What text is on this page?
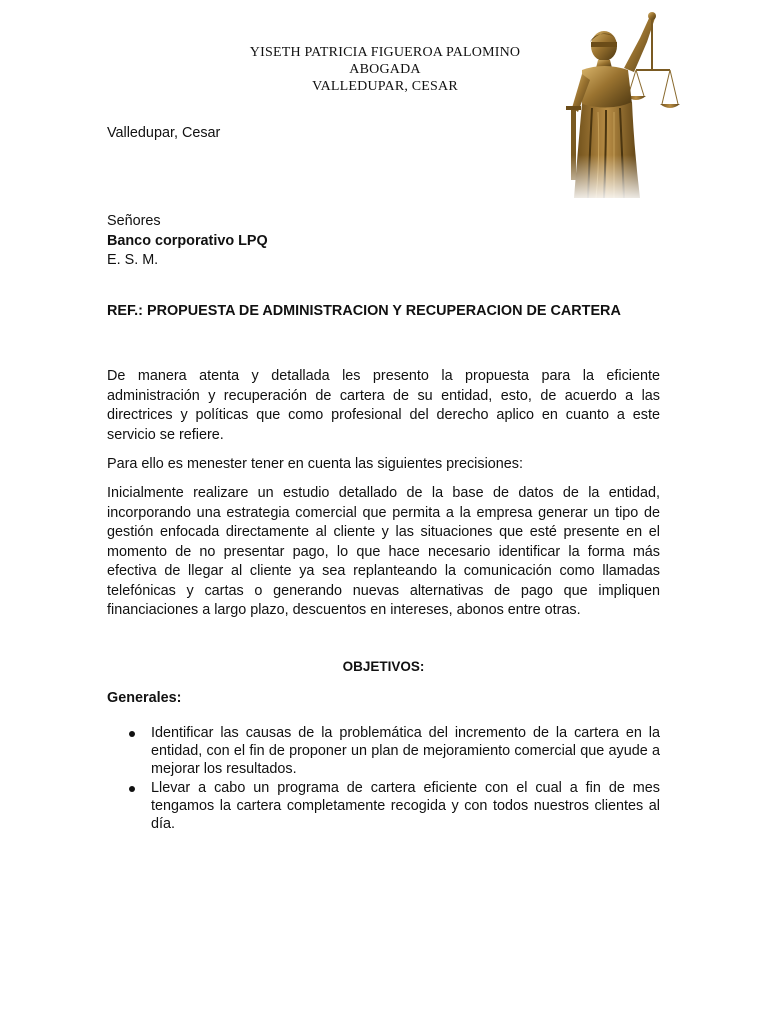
YISETH PATRICIA FIGUEROA PALOMINO
ABOGADA
VALLEDUPAR, CESAR
Valledupar, Cesar
Señores
Banco corporativo LPQ
E. S. M.
REF.: PROPUESTA DE ADMINISTRACION Y RECUPERACION DE CARTERA
De manera atenta y detallada les presento la propuesta para la eficiente administración y recuperación de cartera de su entidad, esto, de acuerdo a las directrices y políticas que como profesional del derecho aplico en cuanto a este servicio se refiere.
Para ello es menester tener en cuenta las siguientes precisiones:
Inicialmente realizare un estudio detallado de la base de datos de la entidad, incorporando una estrategia comercial que permita a la empresa generar un tipo de gestión enfocada directamente al cliente y las situaciones que esté presente en el momento de no presentar pago, lo que hace necesario identificar la forma más efectiva de llegar al cliente ya sea replanteando la comunicación como llamadas telefónicas y cartas o generando nuevas alternativas de pago que impliquen financiaciones a largo plazo, descuentos en intereses, abonos entre otras.
OBJETIVOS:
Generales:
Identificar las causas de la problemática del incremento de la cartera en la entidad, con el fin de proponer un plan de mejoramiento comercial que ayude a mejorar los resultados.
Llevar a cabo un programa de cartera eficiente con el cual a fin de mes tengamos la cartera completamente recogida y con todos nuestros clientes al día.
